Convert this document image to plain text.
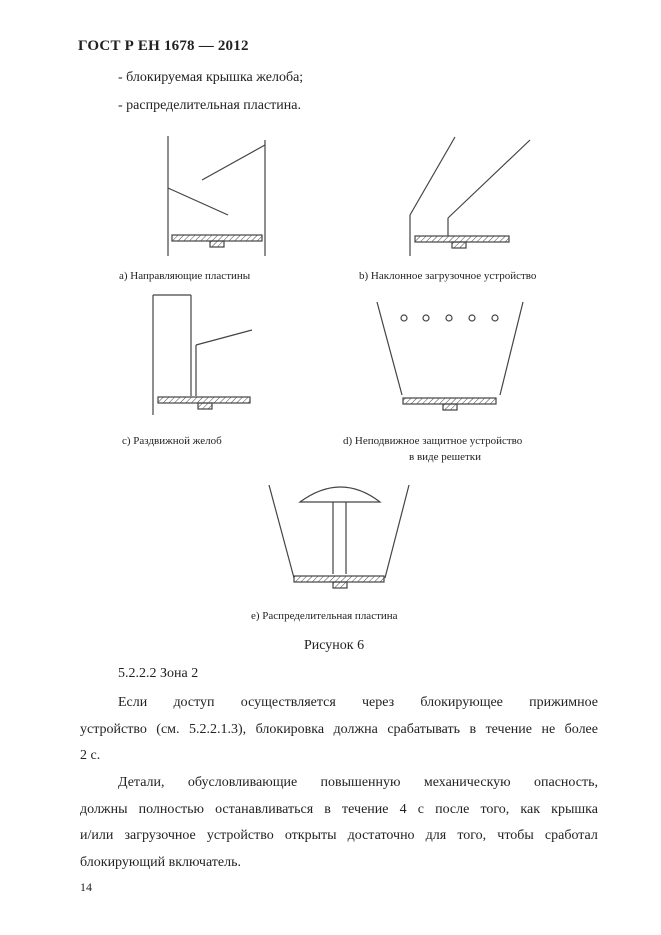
ГОСТ Р ЕН 1678 — 2012
- блокируемая крышка желоба;
- распределительная пластина.
a) Направляющие пластины	b) Наклонное загрузочное устройство
c) Раздвижной желоб	d) Неподвижное защитное устройство
в виде решетки
e) Распределительная пластина
Рисунок 6
5.2.2.2 Зона 2
Если доступ осуществляется через блокирующее прижимное
устройство (см. 5.2.2.1.3), блокировка должна срабатывать в течение не более
2 с.
Детали, обусловливающие повышенную механическую опасность,
должны полностью останавливаться в течение 4 с после того, как крышка
и/или загрузочное устройство открыты достаточно для того, чтобы сработал
блокирующий включатель.
14
